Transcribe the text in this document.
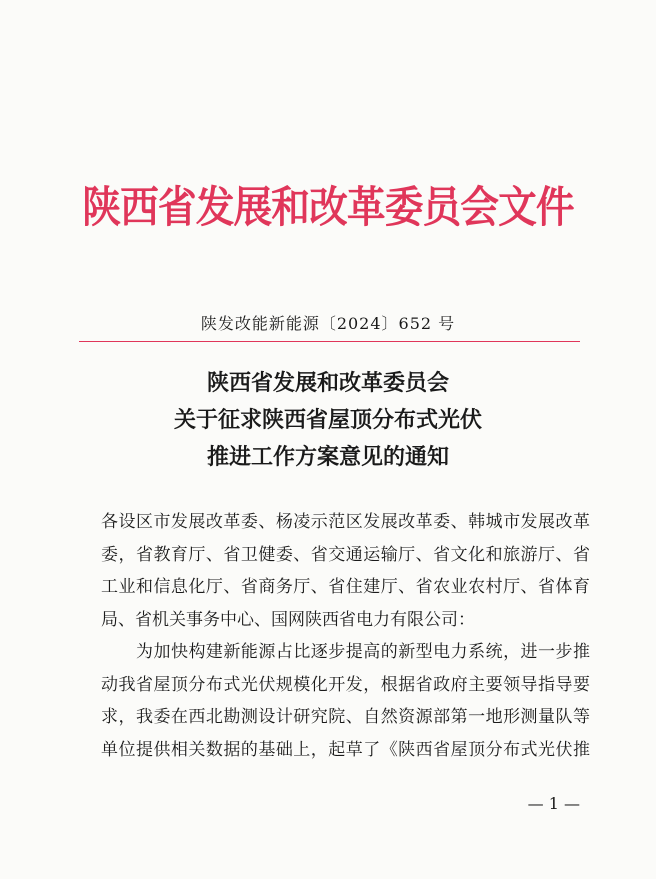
陕西省发展和改革委员会文件
陕发改能新能源〔2024〕652 号
陕西省发展和改革委员会
关于征求陕西省屋顶分布式光伏
推进工作方案意见的通知
各设区市发展改革委、杨凌示范区发展改革委、韩城市发展改革
委，省教育厅、省卫健委、省交通运输厅、省文化和旅游厅、省
工业和信息化厅、省商务厅、省住建厅、省农业农村厅、省体育
局、省机关事务中心、国网陕西省电力有限公司：
为加快构建新能源占比逐步提高的新型电力系统，进一步推
动我省屋顶分布式光伏规模化开发，根据省政府主要领导指导要
求，我委在西北勘测设计研究院、自然资源部第一地形测量队等
单位提供相关数据的基础上，起草了《陕西省屋顶分布式光伏推
— 1 —
